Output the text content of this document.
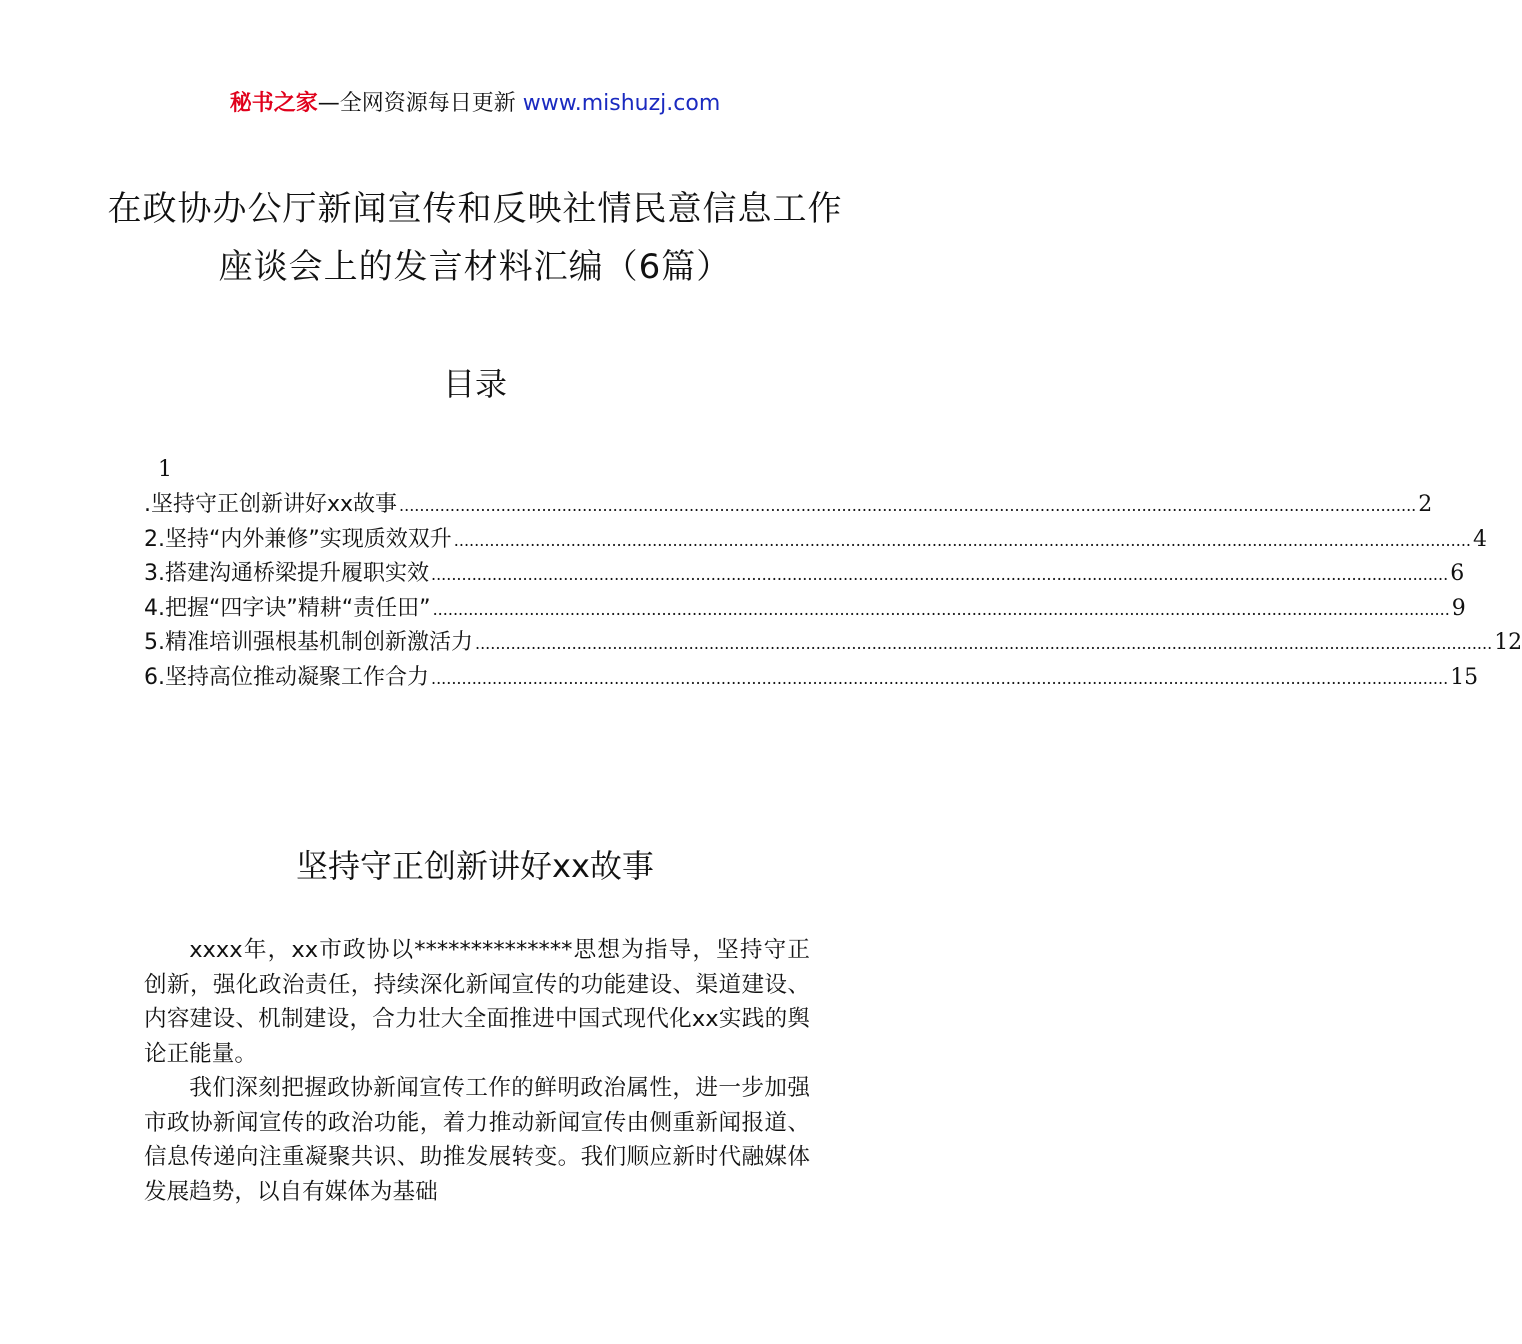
秘书之家—全网资源每日更新 www.mishuzj.com
在政协办公厅新闻宣传和反映社情民意信息工作座谈会上的发言材料汇编（6篇）
目录
1
.坚持守正创新讲好xx故事 ........................................................................................................................................................................................................ 2
2.坚持“内外兼修”实现质效双升 ........................................................................................................................................................................................................ 4
3.搭建沟通桥梁提升履职实效 ........................................................................................................................................................................................................ 6
4.把握“四字诀”精耕“责任田” ........................................................................................................................................................................................................ 9
5.精准培训强根基机制创新激活力 ........................................................................................................................................................................................................ 12
6.坚持高位推动凝聚工作合力 ........................................................................................................................................................................................................ 15
坚持守正创新讲好xx故事

xxxx年，xx市政协以**************思想为指导，坚持守正创新，强化政治责任，持续深化新闻宣传的功能建设、渠道建设、内容建设、机制建设，合力壮大全面推进中国式现代化xx实践的舆论正能量。

我们深刻把握政协新闻宣传工作的鲜明政治属性，进一步加强市政协新闻宣传的政治功能，着力推动新闻宣传由侧重新闻报道、信息传递向注重凝聚共识、助推发展转变。我们顺应新时代融媒体发展趋势，以自有媒体为基础
